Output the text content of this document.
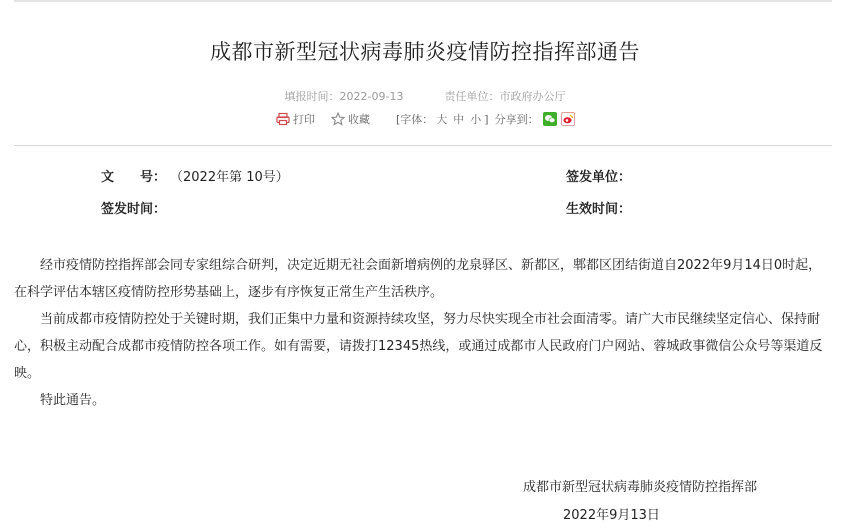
成都市新型冠状病毒肺炎疫情防控指挥部通告
填报时间：2022-09-13	责任单位：市政府办公厅
打印	收藏 [字体： 大 中 小 ] 分享到：
文　　号： （2022年第 10号）	签发单位：
签发时间：	生效时间：

经市疫情防控指挥部会同专家组综合研判，决定近期无社会面新增病例的龙泉驿区、新都区，郫都区团结街道自2022年9月14日0时起，在科学评估本辖区疫情防控形势基础上，逐步有序恢复正常生产生活秩序。

当前成都市疫情防控处于关键时期，我们正集中力量和资源持续攻坚，努力尽快实现全市社会面清零。请广大市民继续坚定信心、保持耐心，积极主动配合成都市疫情防控各项工作。如有需要，请拨打12345热线，或通过成都市人民政府门户网站、蓉城政事微信公众号等渠道反映。

特此通告。

成都市新型冠状病毒肺炎疫情防控指挥部
2022年9月13日
